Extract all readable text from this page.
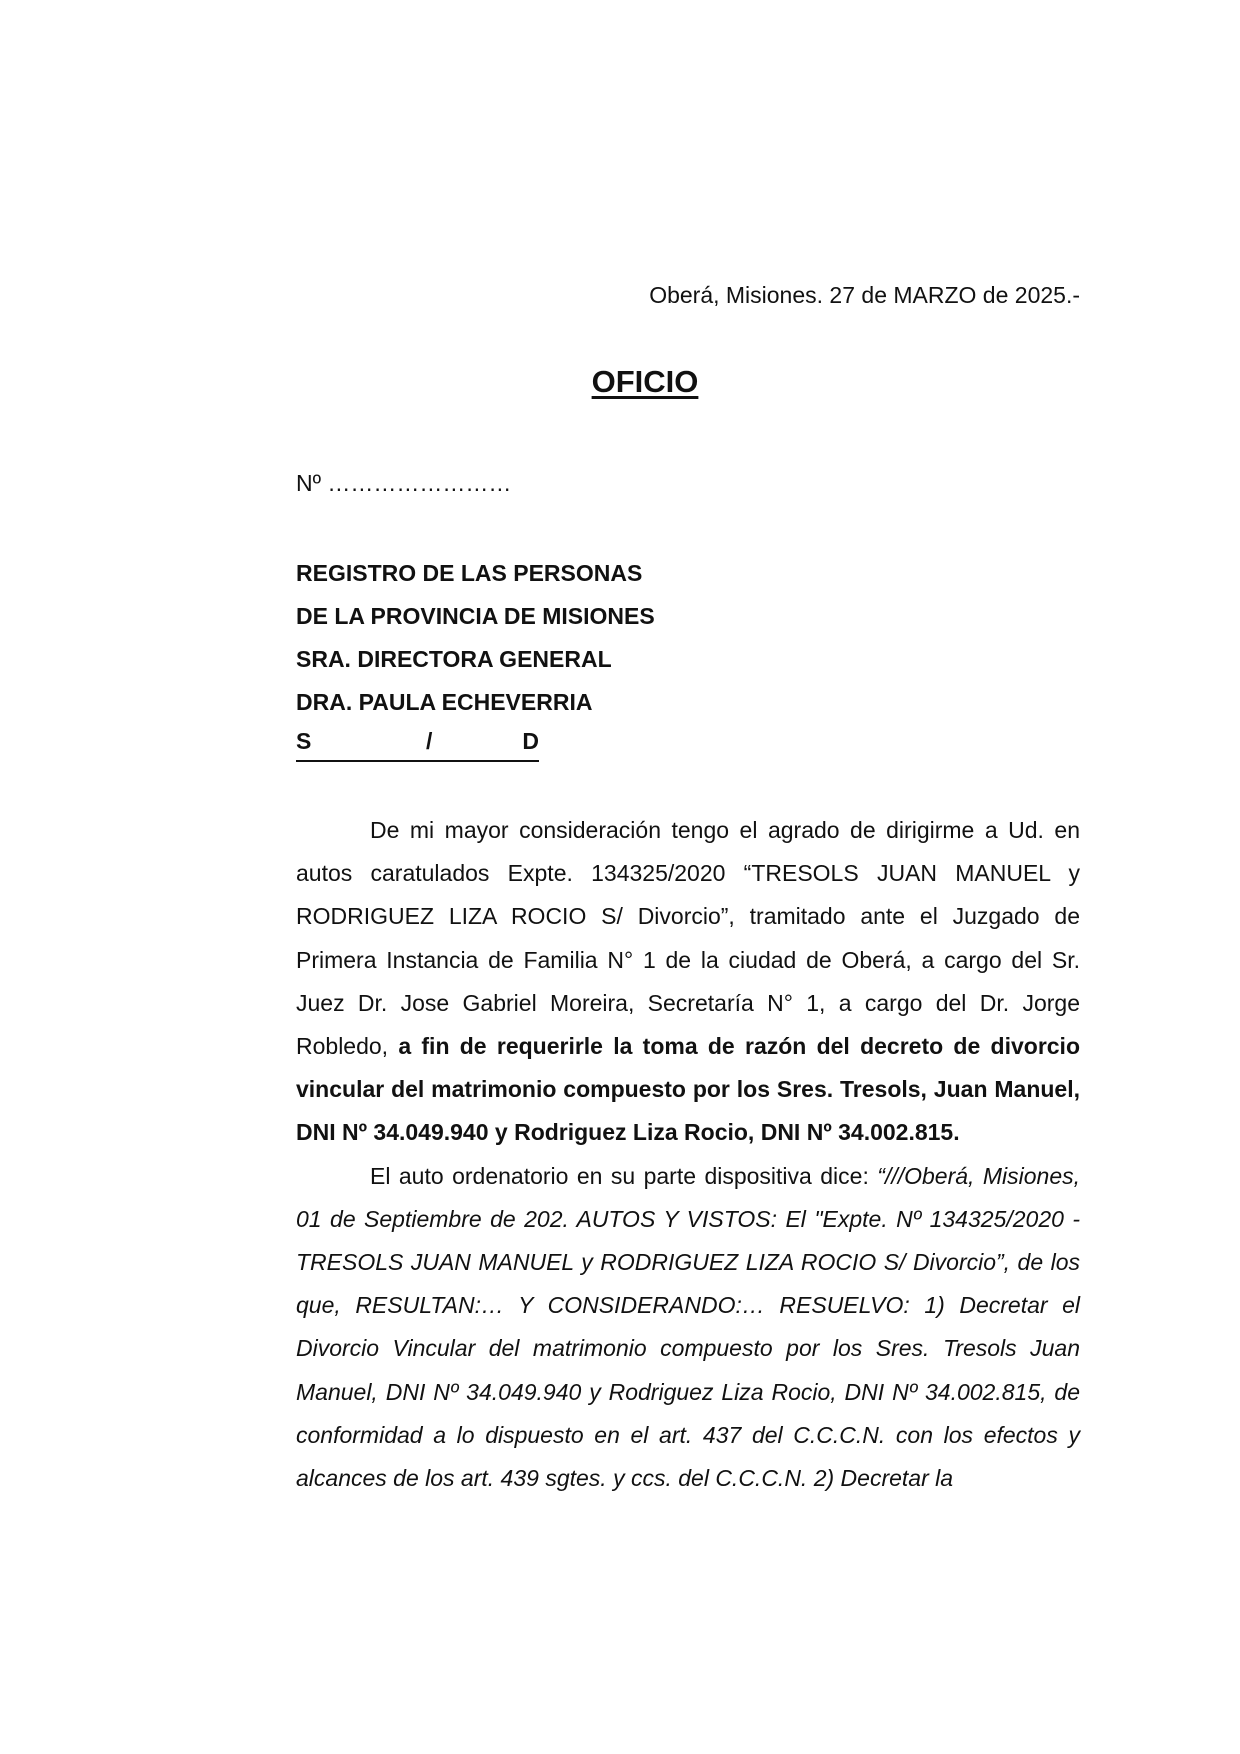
Oberá, Misiones. 27 de MARZO de 2025.-
OFICIO
Nº ……………………
REGISTRO DE LAS PERSONAS
DE LA PROVINCIA DE MISIONES
SRA. DIRECTORA GENERAL
DRA. PAULA ECHEVERRIA
S	/	D

De mi mayor consideración tengo el agrado de dirigirme a Ud. en autos caratulados Expte. 134325/2020 “TRESOLS JUAN MANUEL y RODRIGUEZ LIZA ROCIO S/ Divorcio”, tramitado ante el Juzgado de Primera Instancia de Familia N° 1 de la ciudad de Oberá, a cargo del Sr. Juez Dr. Jose Gabriel Moreira, Secretaría N° 1, a cargo del Dr. Jorge Robledo, a fin de requerirle la toma de razón del decreto de divorcio vincular del matrimonio compuesto por los Sres. Tresols, Juan Manuel, DNI Nº 34.049.940 y Rodriguez Liza Rocio, DNI Nº 34.002.815.

El auto ordenatorio en su parte dispositiva dice: “///Oberá, Misiones, 01 de Septiembre de 202. AUTOS Y VISTOS: El "Expte. Nº 134325/2020 - TRESOLS JUAN MANUEL y RODRIGUEZ LIZA ROCIO S/ Divorcio”, de los que, RESULTAN:… Y CONSIDERANDO:… RESUELVO: 1) Decretar el Divorcio Vincular del matrimonio compuesto por los Sres. Tresols Juan Manuel, DNI Nº 34.049.940 y Rodriguez Liza Rocio, DNI Nº 34.002.815, de conformidad a lo dispuesto en el art. 437 del C.C.C.N. con los efectos y alcances de los art. 439 sgtes. y ccs. del C.C.C.N. 2) Decretar la
